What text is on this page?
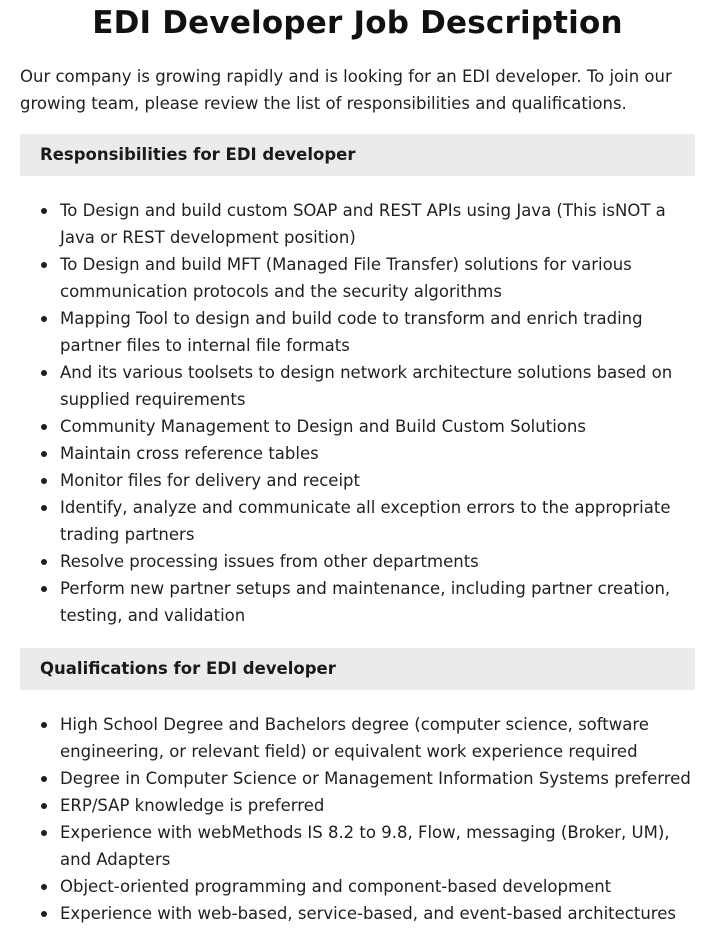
EDI Developer Job Description

Our company is growing rapidly and is looking for an EDI developer. To join our growing team, please review the list of responsibilities and qualifications.

Responsibilities for EDI developer
To Design and build custom SOAP and REST APIs using Java (This isNOT a Java or REST development position)
To Design and build MFT (Managed File Transfer) solutions for various communication protocols and the security algorithms
Mapping Tool to design and build code to transform and enrich trading partner files to internal file formats
And its various toolsets to design network architecture solutions based on supplied requirements
Community Management to Design and Build Custom Solutions
Maintain cross reference tables
Monitor files for delivery and receipt
Identify, analyze and communicate all exception errors to the appropriate trading partners
Resolve processing issues from other departments
Perform new partner setups and maintenance, including partner creation, testing, and validation
Qualifications for EDI developer
High School Degree and Bachelors degree (computer science, software engineering, or relevant field) or equivalent work experience required
Degree in Computer Science or Management Information Systems preferred
ERP/SAP knowledge is preferred
Experience with webMethods IS 8.2 to 9.8, Flow, messaging (Broker, UM), and Adapters
Object-oriented programming and component-based development
Experience with web-based, service-based, and event-based architectures
